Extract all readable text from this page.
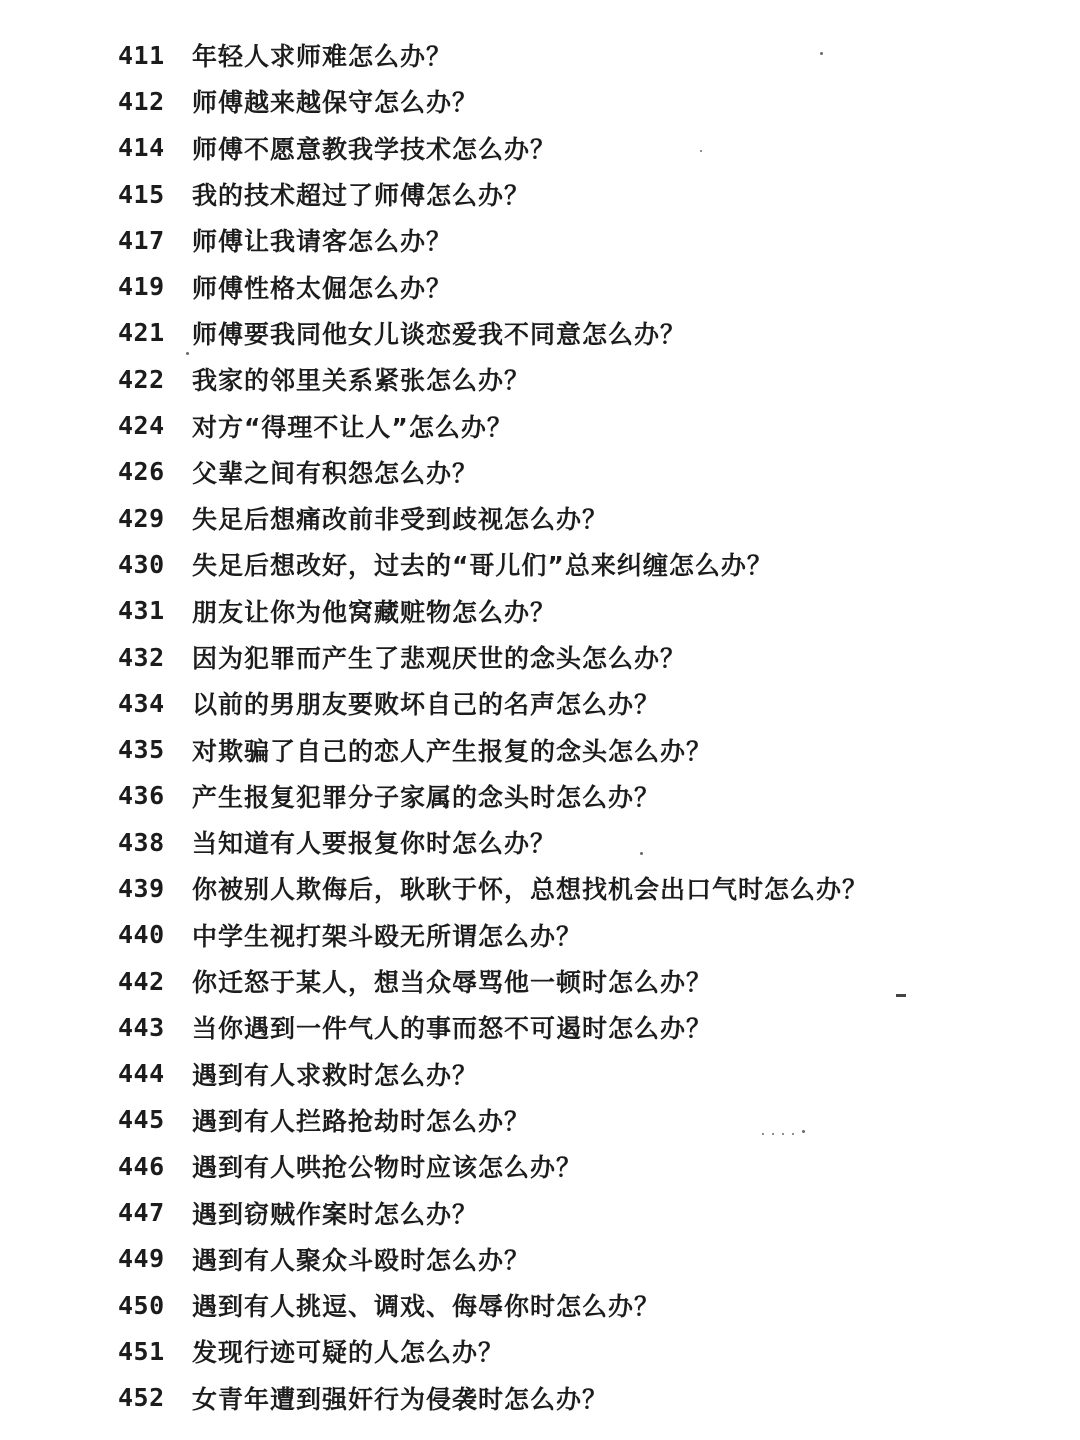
411	年轻人求师难怎么办？
412	师傅越来越保守怎么办？
414	师傅不愿意教我学技术怎么办？
415	我的技术超过了师傅怎么办？
417	师傅让我请客怎么办？
419	师傅性格太倔怎么办？
421	师傅要我同他女儿谈恋爱我不同意怎么办？
422	我家的邻里关系紧张怎么办？
424	对方“得理不让人”怎么办？
426	父辈之间有积怨怎么办？
429	失足后想痛改前非受到歧视怎么办？
430	失足后想改好，过去的“哥儿们”总来纠缠怎么办？
431	朋友让你为他窝藏赃物怎么办？
432	因为犯罪而产生了悲观厌世的念头怎么办？
434	以前的男朋友要败坏自己的名声怎么办？
435	对欺骗了自己的恋人产生报复的念头怎么办？
436	产生报复犯罪分子家属的念头时怎么办？
438	当知道有人要报复你时怎么办？
439	你被别人欺侮后，耿耿于怀，总想找机会出口气时怎么办？
440	中学生视打架斗殴无所谓怎么办？
442	你迁怒于某人，想当众辱骂他一顿时怎么办？
443	当你遇到一件气人的事而怒不可遏时怎么办？
444	遇到有人求救时怎么办？
445	遇到有人拦路抢劫时怎么办？
446	遇到有人哄抢公物时应该怎么办？
447	遇到窃贼作案时怎么办？
449	遇到有人聚众斗殴时怎么办？
450	遇到有人挑逗、调戏、侮辱你时怎么办？
451	发现行迹可疑的人怎么办？
452	女青年遭到强奸行为侵袭时怎么办？
